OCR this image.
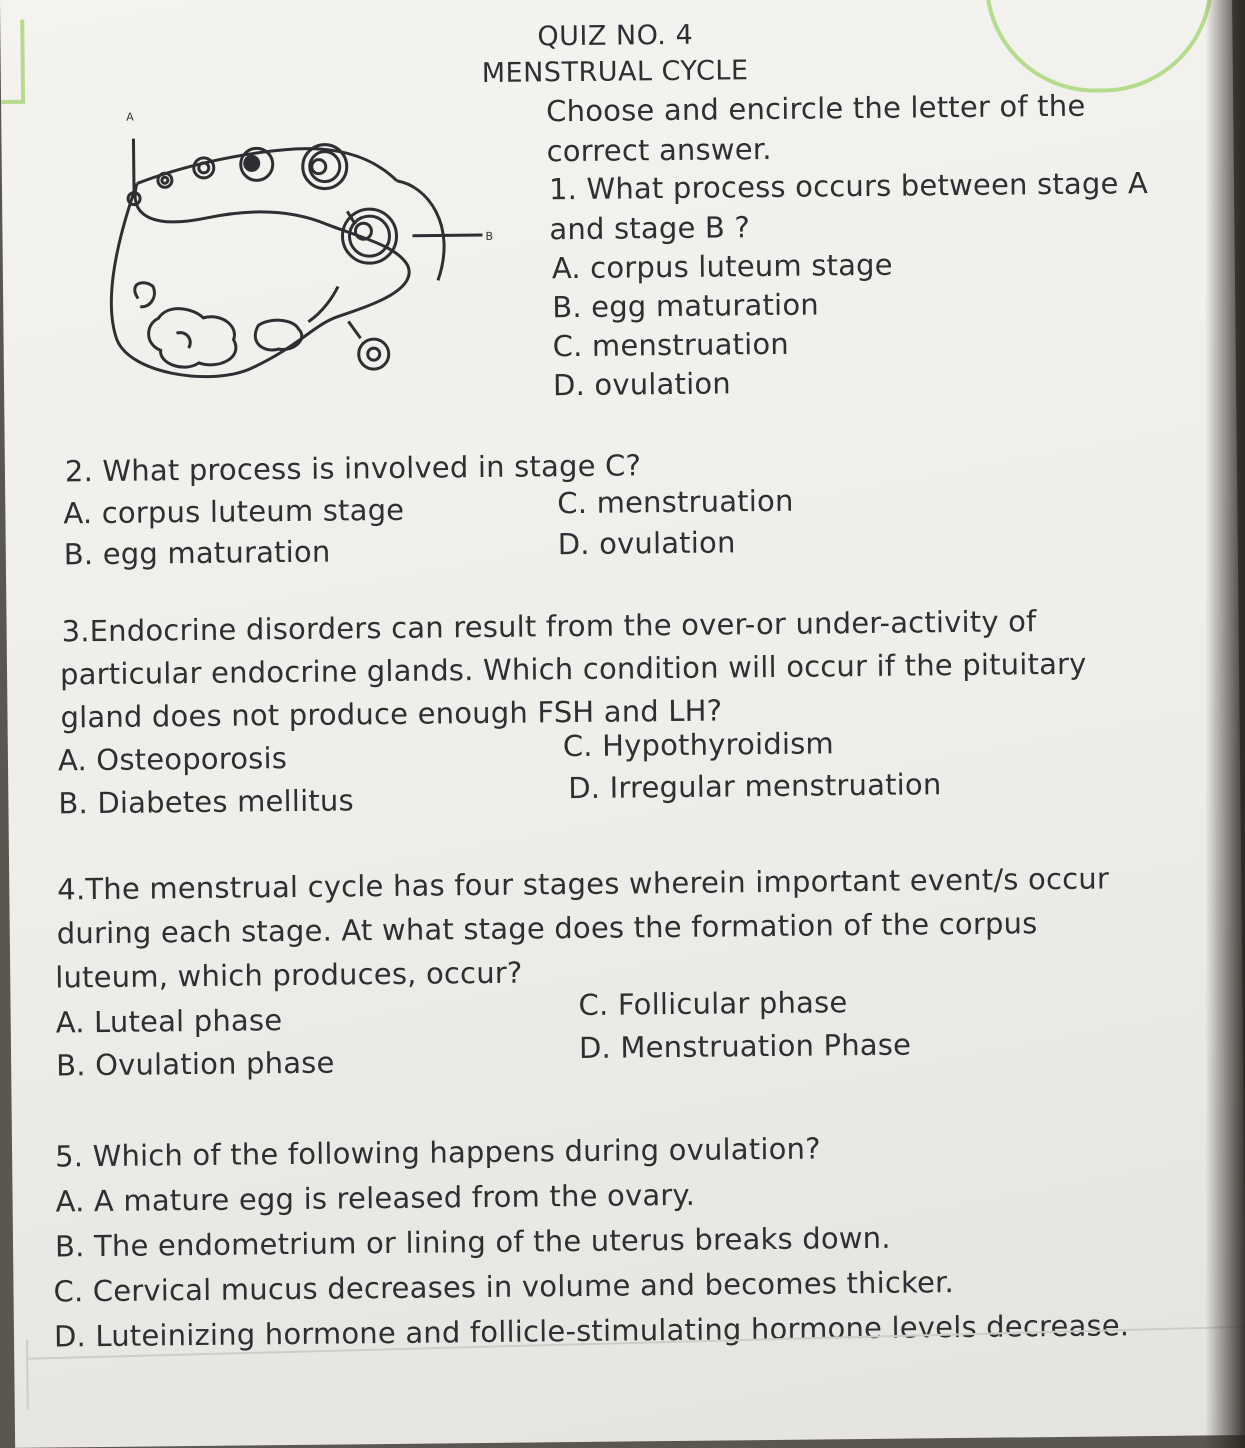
QUIZ NO. 4
MENSTRUAL CYCLE
A
B
Choose and encircle the letter of the
correct answer.
1. What process occurs between stage A
and stage B ?
A. corpus luteum stage
B. egg maturation
C. menstruation
D. ovulation
2. What process is involved in stage C?
A. corpus luteum stage
B. egg maturation
C. menstruation
D. ovulation
3.Endocrine disorders can result from the over-or under-activity of
particular endocrine glands. Which condition will occur if the pituitary
gland does not produce enough FSH and LH?
A. Osteoporosis
B. Diabetes mellitus
C. Hypothyroidism
D. Irregular menstruation
4.The menstrual cycle has four stages wherein important event/s occur
during each stage. At what stage does the formation of the corpus
luteum, which produces, occur?
A. Luteal phase
B. Ovulation phase
C. Follicular phase
D. Menstruation Phase
5. Which of the following happens during ovulation?
A. A mature egg is released from the ovary.
B. The endometrium or lining of the uterus breaks down.
C. Cervical mucus decreases in volume and becomes thicker.
D. Luteinizing hormone and follicle-stimulating hormone levels decrease.
